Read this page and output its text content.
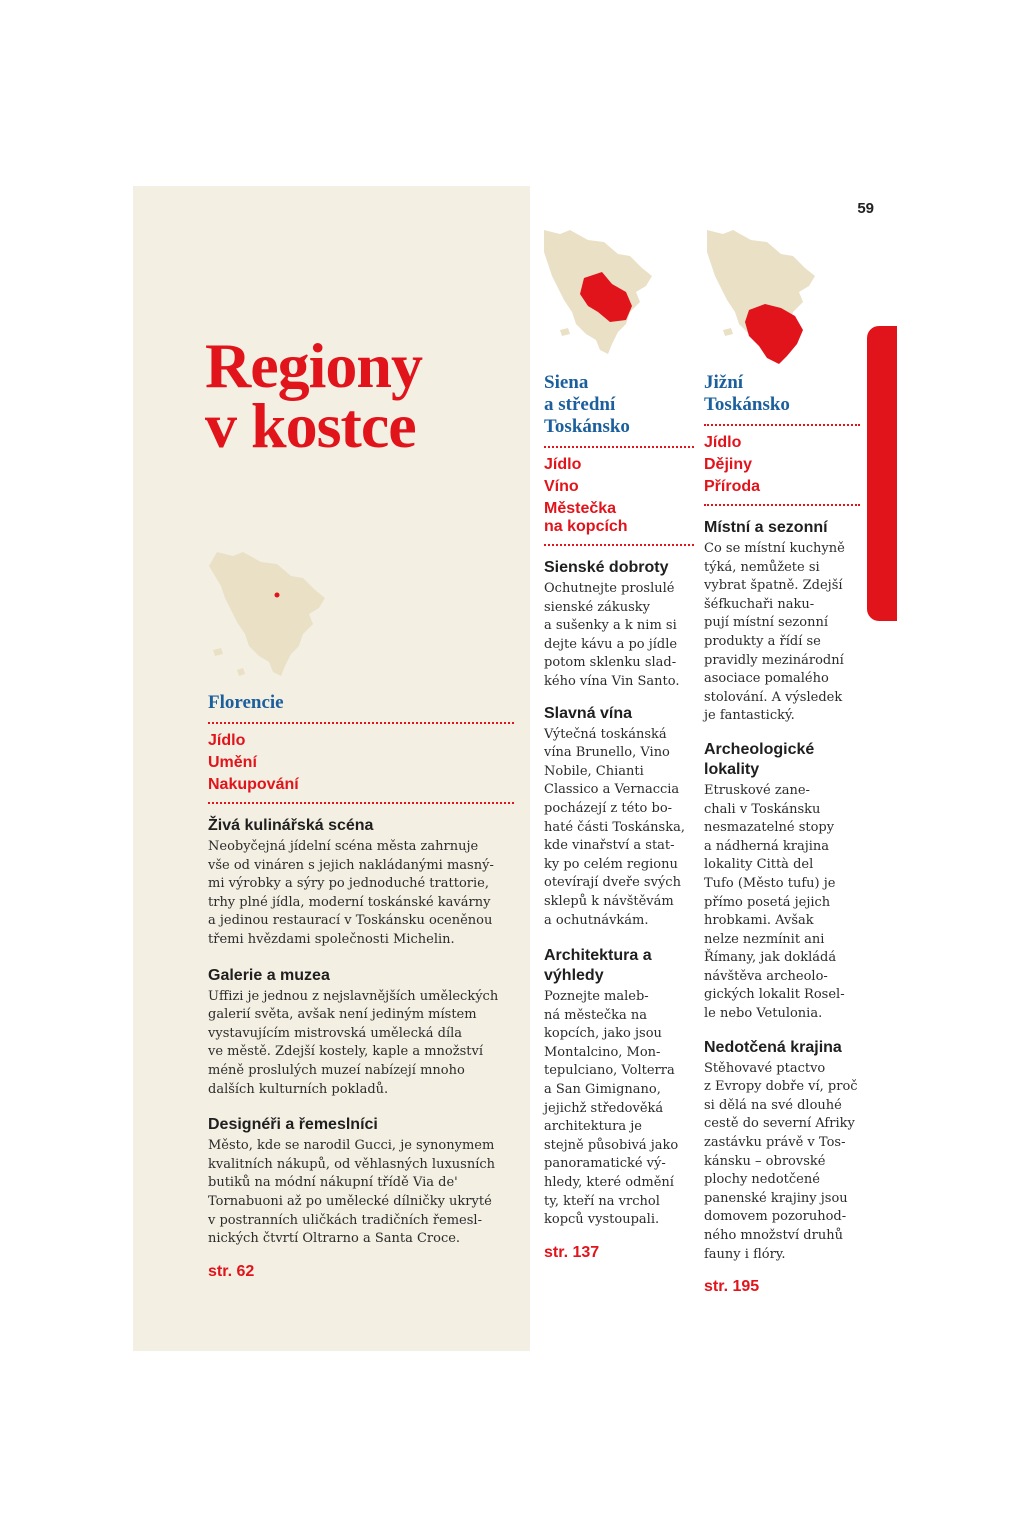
59
Regiony
v kostce
Florencie
Jídlo
Umění
Nakupování
Živá kulinářská scéna

Neobyčejná jídelní scéna města zahrnuje
vše od vináren s jejich nakládanými masný-
mi výrobky a sýry po jednoduché trattorie,
trhy plné jídla, moderní toskánské kavárny
a jedinou restaurací v Toskánsku oceněnou
třemi hvězdami společnosti Michelin.

Galerie a muzea

Uffizi je jednou z nejslavnějších uměleckých
galerií světa, avšak není jediným místem
vystavujícím mistrovská umělecká díla
ve městě. Zdejší kostely, kaple a množství
méně proslulých muzeí nabízejí mnoho
dalších kulturních pokladů.

Designéři a řemeslníci

Město, kde se narodil Gucci, je synonymem
kvalitních nákupů, od věhlasných luxusních
butiků na módní nákupní třídě Via de'
Tornabuoni až po umělecké dílničky ukryté
v postranních uličkách tradičních řemesl-
nických čtvrtí Oltrarno a Santa Croce.

str. 62
Siena
a střední
Toskánsko
Jídlo
Víno
Městečka
na kopcích
Sienské dobroty

Ochutnejte proslulé
sienské zákusky
a sušenky a k nim si
dejte kávu a po jídle
potom sklenku slad-
kého vína Vin Santo.

Slavná vína

Výtečná toskánská
vína Brunello, Vino
Nobile, Chianti
Classico a Vernaccia
pocházejí z této bo-
haté části Toskánska,
kde vinařství a stat-
ky po celém regionu
otevírají dveře svých
sklepů k návštěvám
a ochutnávkám.

Architektura a výhledy

Poznejte maleb-
ná městečka na
kopcích, jako jsou
Montalcino, Mon-
tepulciano, Volterra
a San Gimignano,
jejichž středověká
architektura je
stejně působivá jako
panoramatické vý-
hledy, které odmění
ty, kteří na vrchol
kopců vystoupali.

str. 137
Jižní
Toskánsko
Jídlo
Dějiny
Příroda
Místní a sezonní

Co se místní kuchyně
týká, nemůžete si
vybrat špatně. Zdejší
šéfkuchaři naku-
pují místní sezonní
produkty a řídí se
pravidly mezinárodní
asociace pomalého
stolování. A výsledek
je fantastický.

Archeologické lokality

Etruskové zane-
chali v Toskánsku
nesmazatelné stopy
a nádherná krajina
lokality Città del
Tufo (Město tufu) je
přímo posetá jejich
hrobkami. Avšak
nelze nezmínit ani
Římany, jak dokládá
návštěva archeolo-
gických lokalit Rosel-
le nebo Vetulonia.

Nedotčená krajina

Stěhovavé ptactvo
z Evropy dobře ví, proč
si dělá na své dlouhé
cestě do severní Afriky
zastávku právě v Tos-
kánsku – obrovské
plochy nedotčené
panenské krajiny jsou
domovem pozoruhod-
ného množství druhů
fauny i flóry.

str. 195
